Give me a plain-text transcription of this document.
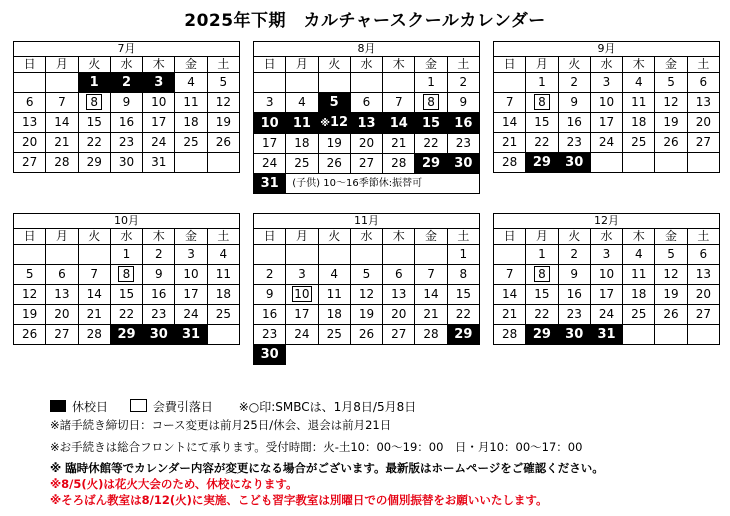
2025年下期　カルチャースクールカレンダー
7月						
日	月	火	水	木	金	土
		1	2	3	4	5
6	7	8	9	10	11	12
13	14	15	16	17	18	19
20	21	22	23	24	25	26
27	28	29	30	31		
8月						
日	月	火	水	木	金	土
					1	2
3	4	5	6	7	8	9
10	11	※12	13	14	15	16
17	18	19	20	21	22	23
24	25	26	27	28	29	30
31	(子供) 10～16季節休:振替可					
9月						
日	月	火	水	木	金	土
	1	2	3	4	5	6
7	8	9	10	11	12	13
14	15	16	17	18	19	20
21	22	23	24	25	26	27
28	29	30				
10月						
日	月	火	水	木	金	土
			1	2	3	4
5	6	7	8	9	10	11
12	13	14	15	16	17	18
19	20	21	22	23	24	25
26	27	28	29	30	31	
11月						
日	月	火	水	木	金	土
						1
2	3	4	5	6	7	8
9	10	11	12	13	14	15
16	17	18	19	20	21	22
23	24	25	26	27	28	29
30						
12月						
日	月	火	水	木	金	土
	1	2	3	4	5	6
7	8	9	10	11	12	13
14	15	16	17	18	19	20
21	22	23	24	25	26	27
28	29	30	31			
休校日	会費引落日 ※○印:SMBCは、1月8日/5月8日
※諸手続き締切日：コース変更は前月25日/休会、退会は前月21日
※お手続きは総合フロントにて承ります。受付時間：火-土10：00～19：00　日・月10：00～17：00
※ 臨時休館等でカレンダー内容が変更になる場合がございます。最新版はホームページをご確認ください。
※8/5(火)は花火大会のため、休校になります。
※そろばん教室は8/12(火)に実施、こども習字教室は別曜日での個別振替をお願いいたします。
